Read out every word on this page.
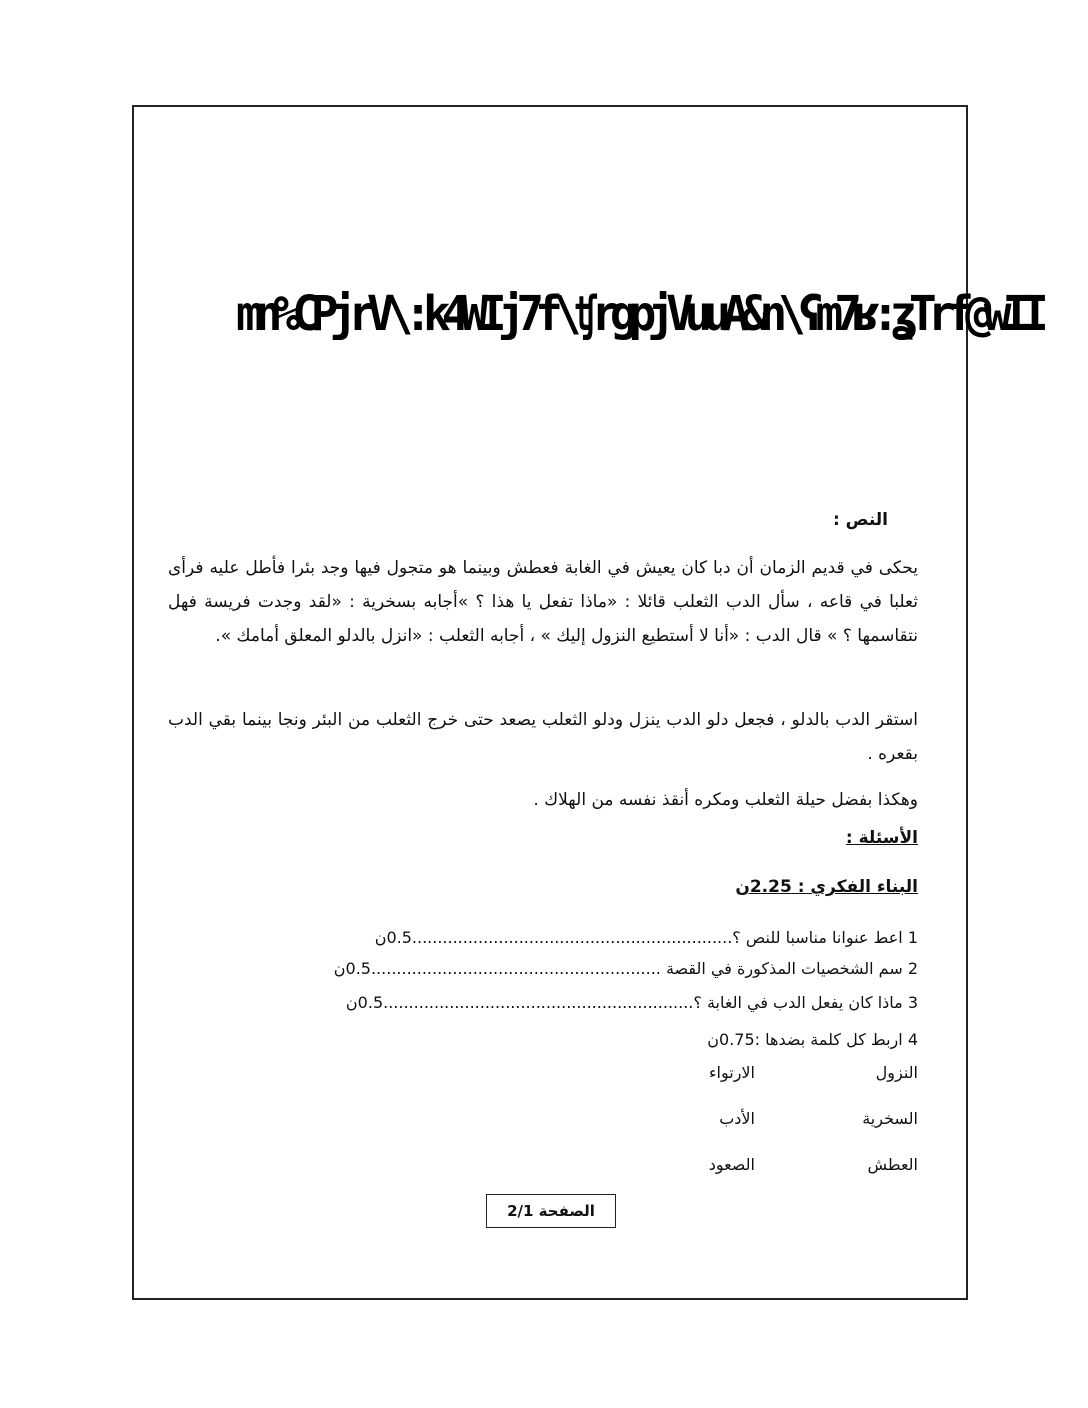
mn%CPjrV\:k4WIj7f\ʧrgpjVuuA&n\ʕm7ʁ:ʓTrf@wII
النص :
يحكى في قديم الزمان أن دبا كان يعيش في الغابة فعطش وبينما هو متجول فيها وجد بئرا فأطل عليه فرأى ثعلبا في قاعه ، سأل الدب الثعلب قائلا : «ماذا تفعل يا هذا ؟ »أجابه بسخرية : «لقد وجدت فريسة فهل نتقاسمها ؟ » قال الدب : «أنا لا أستطيع النزول إليك » ، أجابه الثعلب : «انزل بالدلو المعلق أمامك ».
استقر الدب بالدلو ، فجعل دلو الدب ينزل ودلو الثعلب يصعد حتى خرج الثعلب من البئر ونجا بينما بقي الدب بقعره .
وهكذا بفضل حيلة الثعلب ومكره أنقذ نفسه من الهلاك .
الأسئلة :
البناء الفكري : 2.25ن
1 اعط عنوانا مناسبا للنص ؟...............................................................0.5ن
2 سم الشخصيات المذكورة في القصة .........................................................0.5ن
3 ماذا كان يفعل الدب في الغابة ؟.............................................................0.5ن
4 اربط كل كلمة بضدها :0.75ن
النزول
الارتواء
السخرية
الأدب
العطش
الصعود
الصفحة 2/1
